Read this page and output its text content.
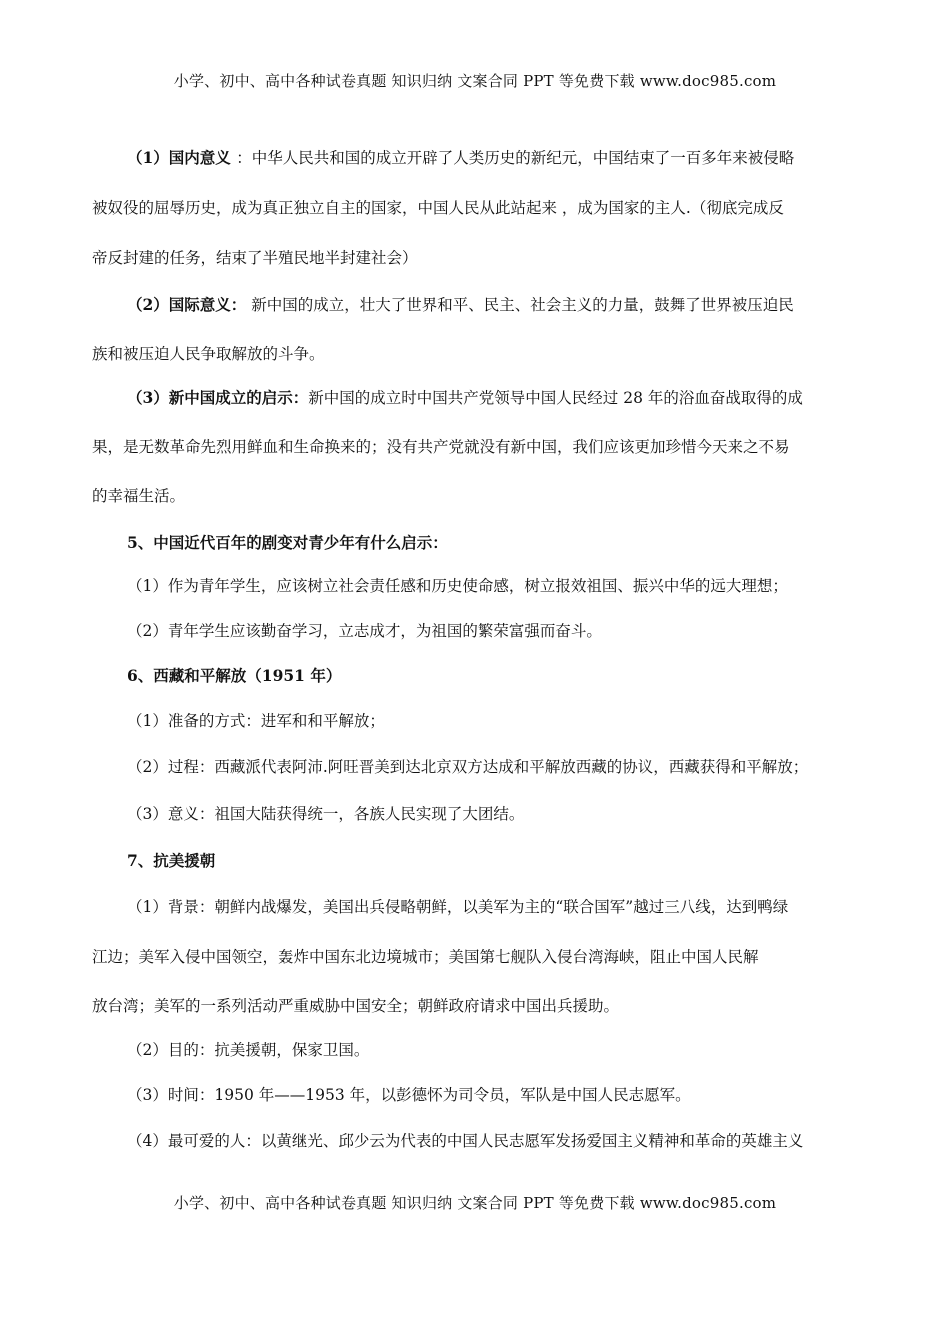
小学、初中、高中各种试卷真题 知识归纳 文案合同 PPT 等免费下载 www.doc985.com
（1）国内意义 ：中华人民共和国的成立开辟了人类历史的新纪元，中国结束了一百多年来被侵略
被奴役的屈辱历史，成为真正独立自主的国家，中国人民从此站起来 ，成为国家的主人.（彻底完成反
帝反封建的任务，结束了半殖民地半封建社会）
（2）国际意义： 新中国的成立，壮大了世界和平、民主、社会主义的力量，鼓舞了世界被压迫民
族和被压迫人民争取解放的斗争。
（3）新中国成立的启示：新中国的成立时中国共产党领导中国人民经过 28 年的浴血奋战取得的成
果，是无数革命先烈用鲜血和生命换来的；没有共产党就没有新中国，我们应该更加珍惜今天来之不易
的幸福生活。
5、中国近代百年的剧变对青少年有什么启示：
（1）作为青年学生，应该树立社会责任感和历史使命感，树立报效祖国、振兴中华的远大理想；
（2）青年学生应该勤奋学习，立志成才，为祖国的繁荣富强而奋斗。
6、西藏和平解放（1951 年）
（1）准备的方式：进军和和平解放；
（2）过程：西藏派代表阿沛.阿旺晋美到达北京双方达成和平解放西藏的协议，西藏获得和平解放；
（3）意义：祖国大陆获得统一，各族人民实现了大团结。
7、抗美援朝
（1）背景：朝鲜内战爆发，美国出兵侵略朝鲜，以美军为主的“联合国军”越过三八线，达到鸭绿
江边；美军入侵中国领空，轰炸中国东北边境城市；美国第七舰队入侵台湾海峡，阻止中国人民解
放台湾；美军的一系列活动严重威胁中国安全；朝鲜政府请求中国出兵援助。
（2）目的：抗美援朝，保家卫国。
（3）时间：1950 年——1953 年，以彭德怀为司令员，军队是中国人民志愿军。
（4）最可爱的人：以黄继光、邱少云为代表的中国人民志愿军发扬爱国主义精神和革命的英雄主义
小学、初中、高中各种试卷真题 知识归纳 文案合同 PPT 等免费下载 www.doc985.com
